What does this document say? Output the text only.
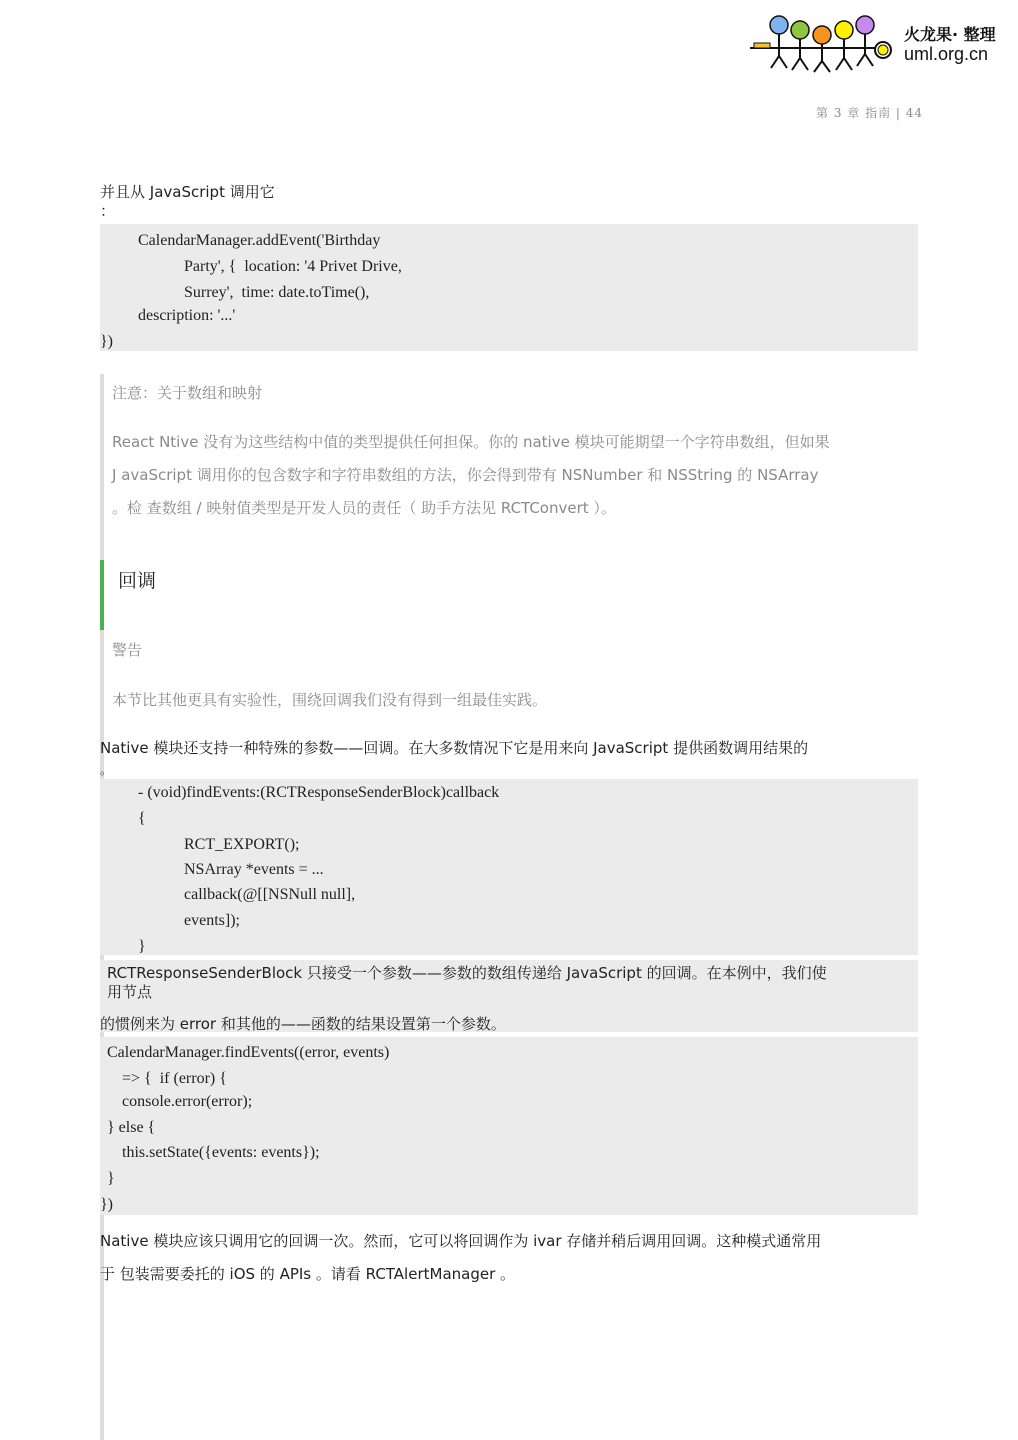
火龙果· 整理
uml.org.cn
第 3 章 指南 | 44
并且从 JavaScript 调用它
：
CalendarManager.addEvent('Birthday
Party', {  location: '4 Privet Drive,
Surrey',  time: date.toTime(),
description: '...'
})
注意：关于数组和映射
React Ntive 没有为这些结构中值的类型提供任何担保。你的 native 模块可能期望一个字符串数组，但如果
J avaScript 调用你的包含数字和字符串数组的方法，你会得到带有 NSNumber 和 NSString 的 NSArray
。检 查数组 / 映射值类型是开发人员的责任（ 助手方法见 RCTConvert ）。
回调
警告
本节比其他更具有实验性，围绕回调我们没有得到一组最佳实践。
Native 模块还支持一种特殊的参数——回调。在大多数情况下它是用来向 JavaScript 提供函数调用结果的
。
- (void)findEvents:(RCTResponseSenderBlock)callback
{
RCT_EXPORT();
NSArray *events = ...
callback(@[[NSNull null],
events]);
}
RCTResponseSenderBlock 只接受一个参数——参数的数组传递给 JavaScript 的回调。在本例中，我们使
用节点
的惯例来为 error 和其他的——函数的结果设置第一个参数。
CalendarManager.findEvents((error, events)
=> {  if (error) {
console.error(error);
} else {
this.setState({events: events});
}
})
Native 模块应该只调用它的回调一次。然而，它可以将回调作为 ivar 存储并稍后调用回调。这种模式通常用
于 包装需要委托的 iOS 的 APIs 。请看 RCTAlertManager 。
